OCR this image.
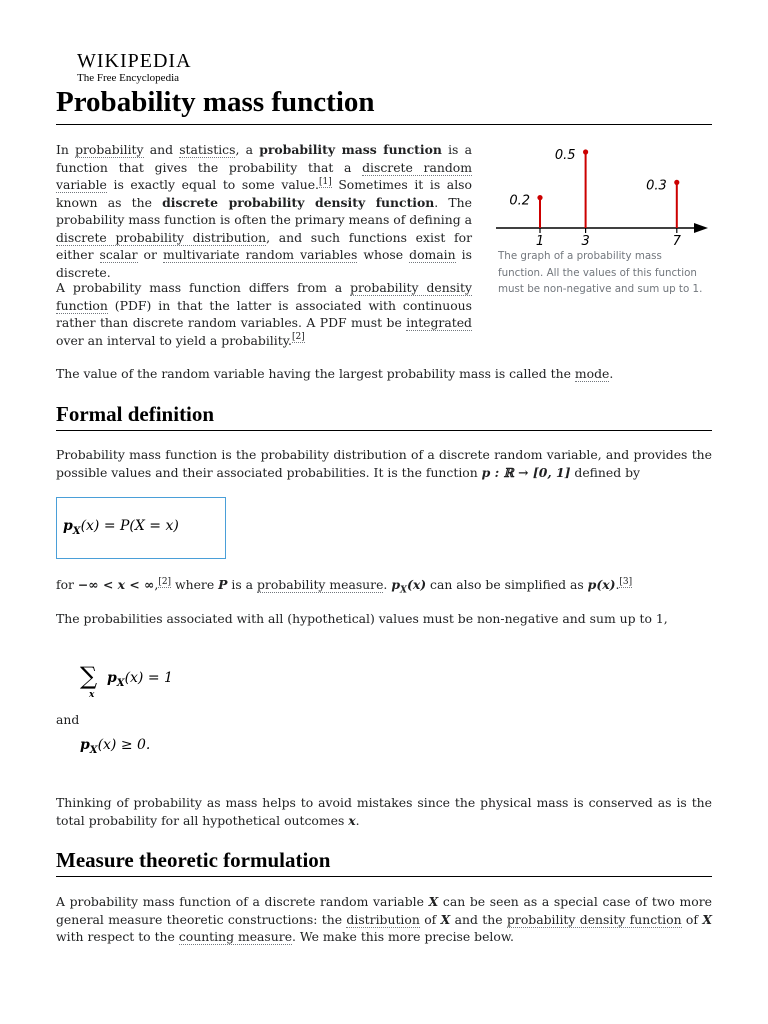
WIKIPEDIA
The Free Encyclopedia
Probability mass function

In probability and statistics, a probability mass function is a function that gives the probability that a discrete random variable is exactly equal to some value.[1] Sometimes it is also known as the discrete probability density function. The probability mass function is often the primary means of defining a discrete probability distribution, and such functions exist for either scalar or multivariate random variables whose domain is discrete.

A probability mass function differs from a probability density function (PDF) in that the latter is associated with continuous rather than discrete random variables. A PDF must be integrated over an interval to yield a probability.[2]

The value of the random variable having the largest probability mass is called the mode.

1
0.2
3
0.5
7
0.3

The graph of a probability mass function. All the values of this function must be non-negative and sum up to 1.

Formal definition

Probability mass function is the probability distribution of a discrete random variable, and provides the possible values and their associated probabilities. It is the function p : ℝ → [0, 1] defined by

$p_X(x) = P(X = x)$

for −∞ < x < ∞,[2] where P is a probability measure. $p_X(x)$ can also be simplified as p(x).[3]

The probabilities associated with all (hypothetical) values must be non-negative and sum up to 1,

∑
x
$p_X(x) = 1$

and

$p_X(x) \ge 0$.

Thinking of probability as mass helps to avoid mistakes since the physical mass is conserved as is the total probability for all hypothetical outcomes x.

Measure theoretic formulation

A probability mass function of a discrete random variable X can be seen as a special case of two more general measure theoretic constructions: the distribution of X and the probability density function of X with respect to the counting measure. We make this more precise below.
